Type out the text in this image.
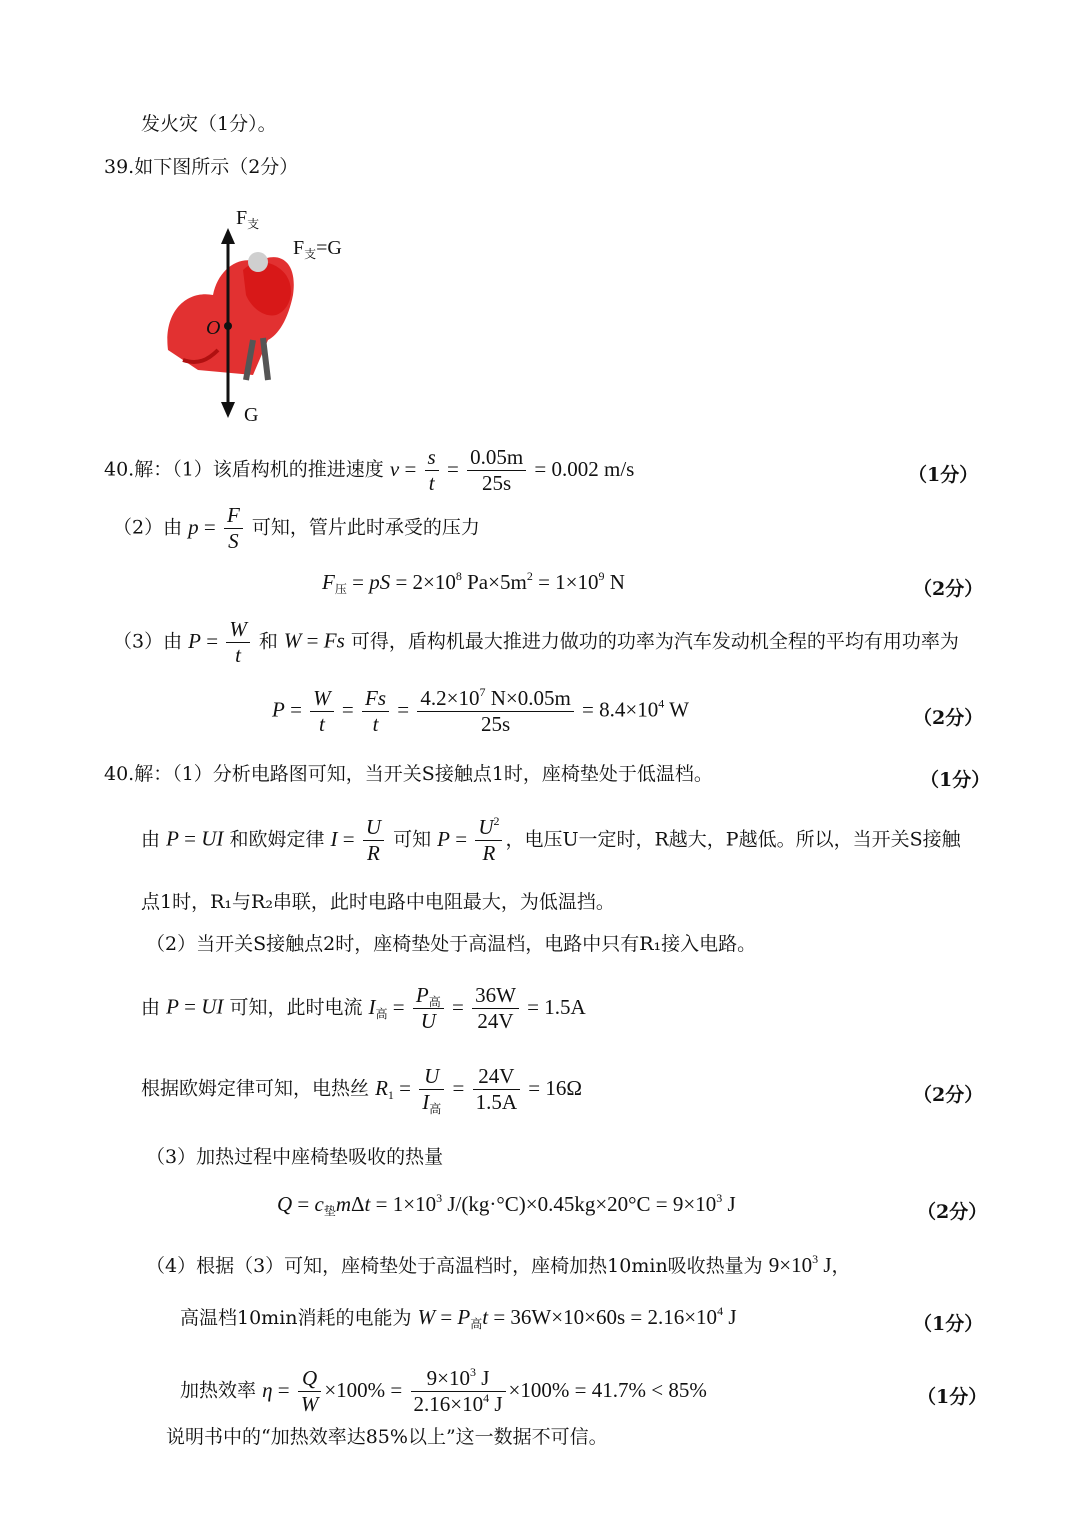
发火灾（1分）。
39.如下图所示（2分）
$F_支$
$F_支=G$
O
G
40.解：（1）该盾构机的推进速度 $v = \frac{s}{t} = \frac{0.05m}{25s} = 0.002$ m/s	（1分）
（2）由 $p = \frac{F}{S}$ 可知，管片此时承受的压力
$F_压$ = pS = $2\times 10^8$ $Pa\times 5m^2 = 1\times 10^9$ N	（2分）
（3）由 $P = \frac{W}{t}$ 和 W = Fs 可得，盾构机最大推进力做功的功率为汽车发动机全程的平均有用功率为
$P = \frac{W}{t} = \frac{Fs}{t} = \frac{4.2\times 10^7 N\times 0.05m}{25s} = 8.4\times 10^4$ W	（2分）
40.解：（1）分析电路图可知，当开关S接触点1时，座椅垫处于低温档。	（1分）
由 P = UI 和欧姆定律 $I = \frac{U}{R}$ 可知 $P = \frac{U^2}{R}$ ，电压U一定时，R越大，P越低。所以，当开关S接触
点1时，R₁与R₂串联，此时电路中电阻最大，为低温挡。
（2）当开关S接触点2时，座椅垫处于高温档，电路中只有R₁接入电路。
由 P = UI 可知，此时电流 $I_高 = \frac{P_高}{U} = \frac{36W}{24V} = 1.5A$
根据欧姆定律可知，电热丝 $R_1 = \frac{U}{I_高} = \frac{24V}{1.5A} = 16\Omega$	（2分）
（3）加热过程中座椅垫吸收的热量
$Q = c_垫m\Delta t = 1\times 10^3$ $J/(kg\cdot^\circ C)\times 0.45kg\times 20^\circ C = 9\times 10^3$ J	（2分）
（4）根据（3）可知，座椅垫处于高温档时，座椅加热10min吸收热量为 $9\times 10^3$ J，
高温档10min消耗的电能为 $W = P_高t = 36W\times 10\times 60s = 2.16\times 10^4$ J	（1分）
加热效率 $\eta = \frac{Q}{W} \times 100\% = \frac{9\times 10^3 J}{2.16\times 10^4 J} \times 100\% = 41.7\% < 85\%$	（1分）
说明书中的“加热效率达85%以上”这一数据不可信。
